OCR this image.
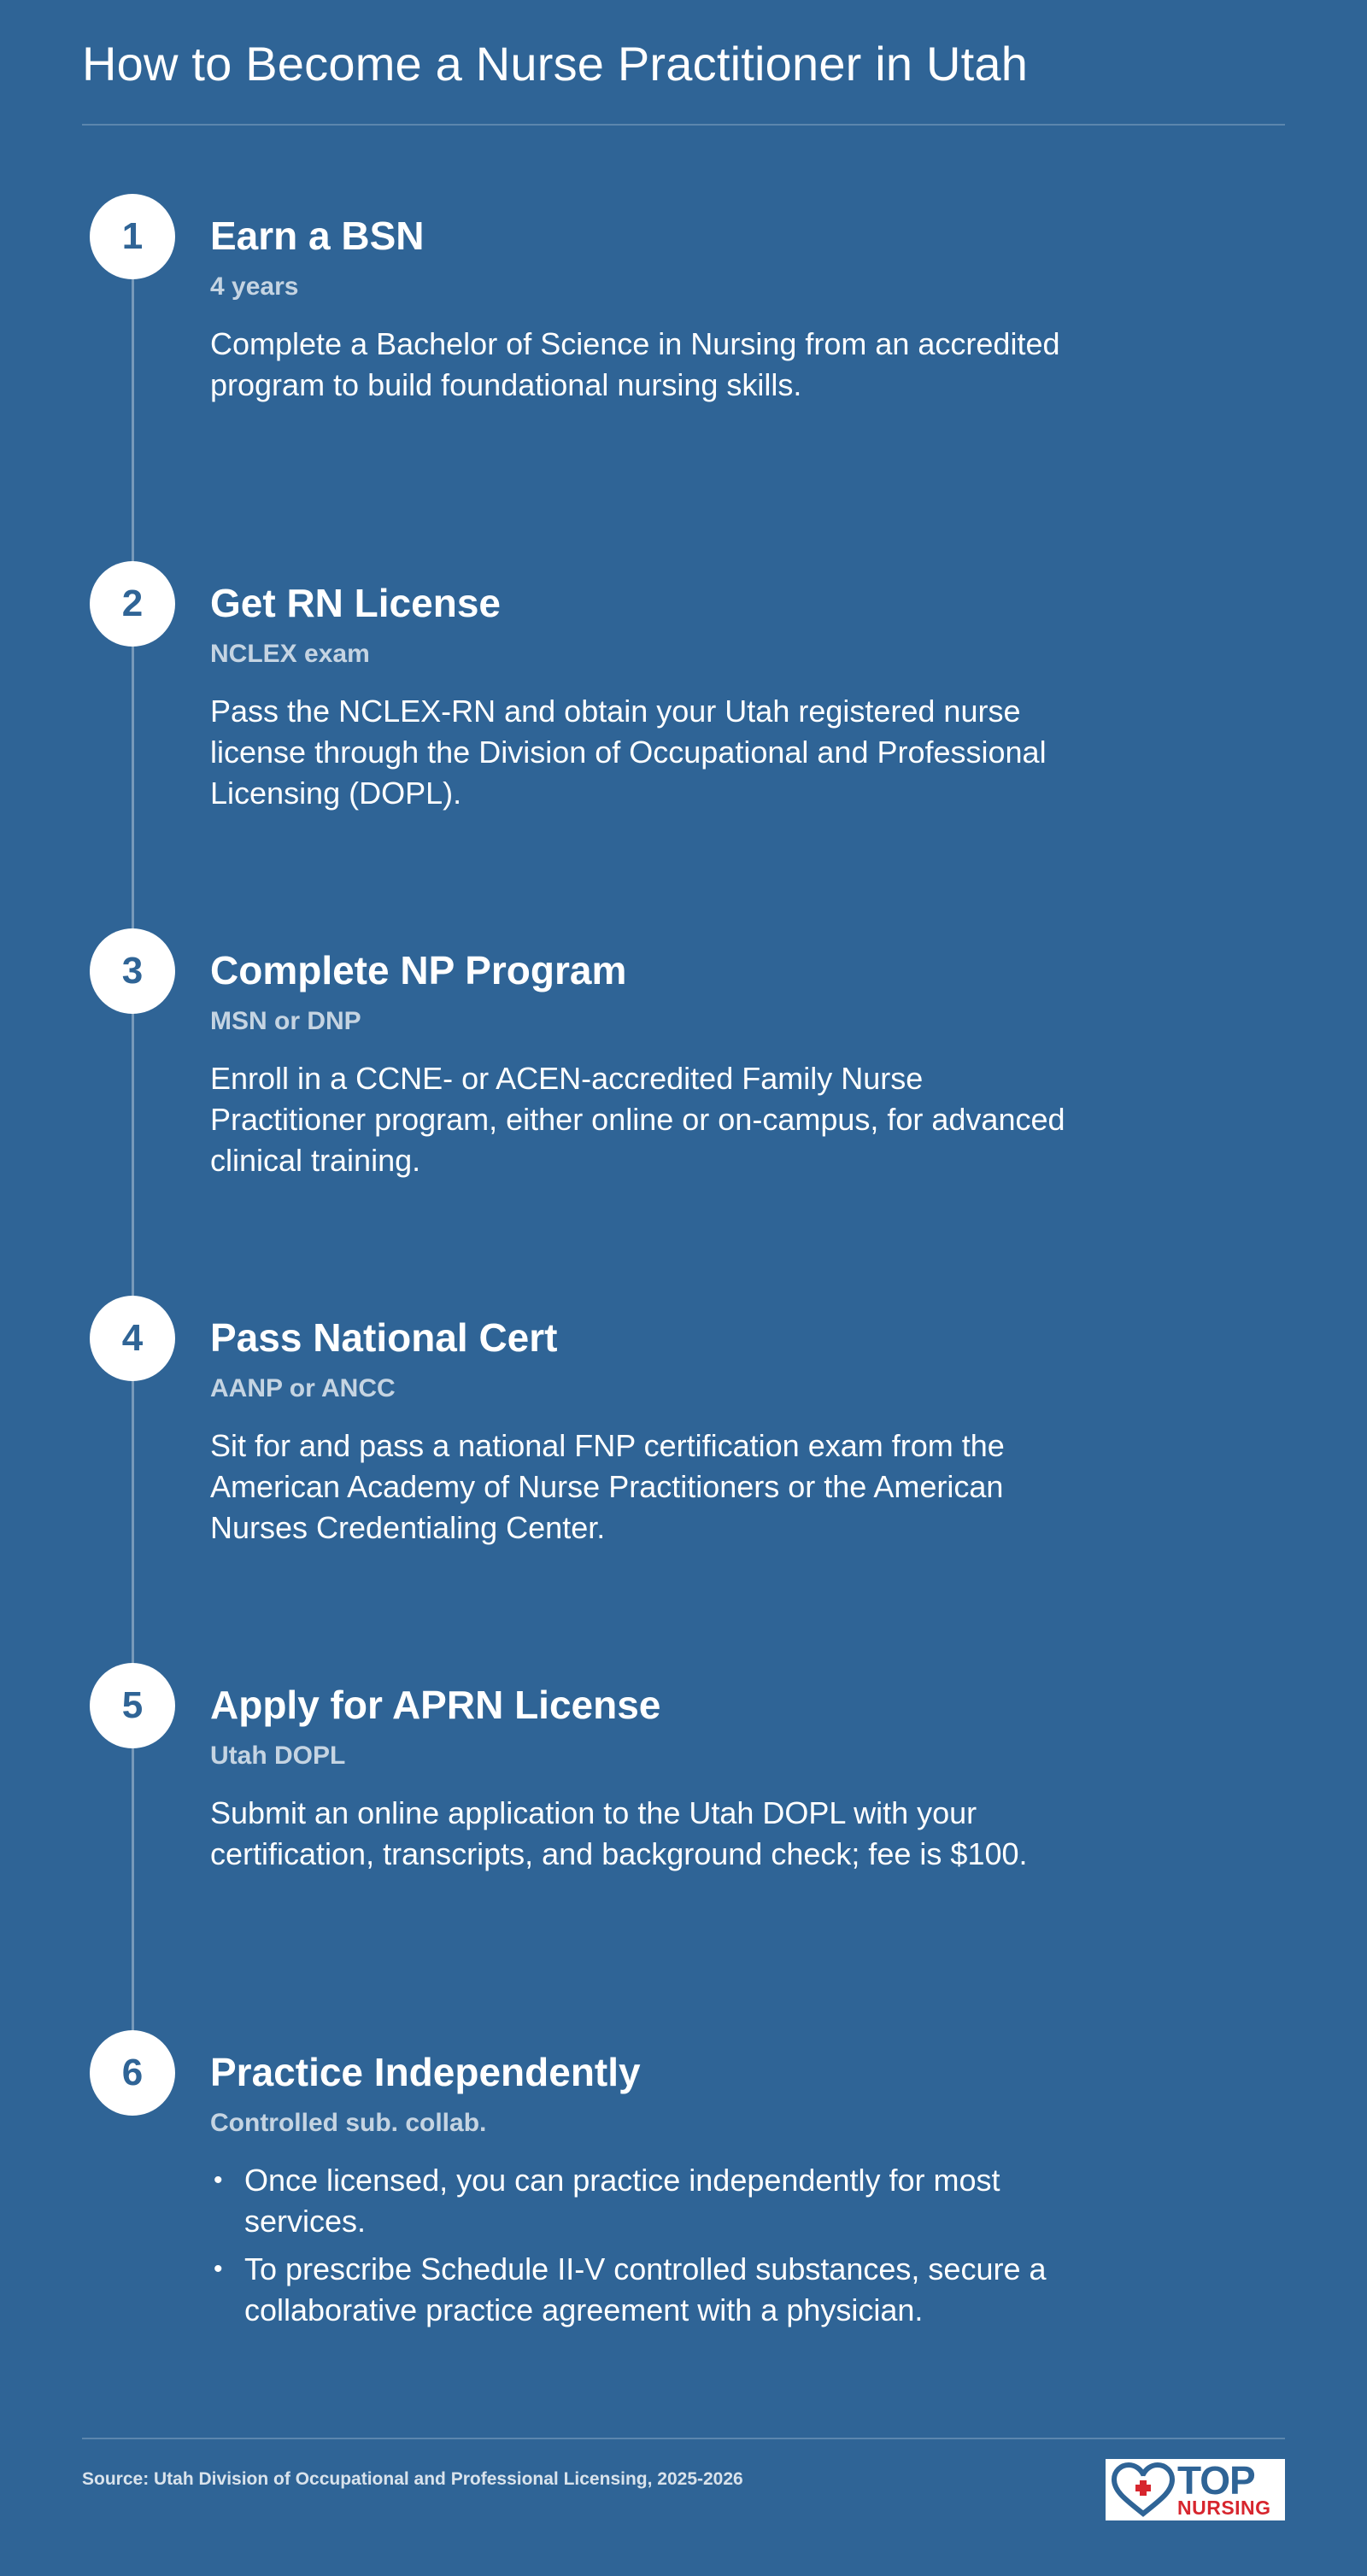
How to Become a Nurse Practitioner in Utah
1	Earn a BSN
4 years
Complete a Bachelor of Science in Nursing from an accredited program to build foundational nursing skills.
2	Get RN License
NCLEX exam
Pass the NCLEX-RN and obtain your Utah registered nurse license through the Division of Occupational and Professional Licensing (DOPL).
3	Complete NP Program
MSN or DNP
Enroll in a CCNE- or ACEN-accredited Family Nurse Practitioner program, either online or on-campus, for advanced clinical training.
4	Pass National Cert
AANP or ANCC
Sit for and pass a national FNP certification exam from the American Academy of Nurse Practitioners or the American Nurses Credentialing Center.
5	Apply for APRN License
Utah DOPL
Submit an online application to the Utah DOPL with your certification, transcripts, and background check; fee is $100.
6	Practice Independently
Controlled sub. collab.
• Once licensed, you can practice independently for most services.
• To prescribe Schedule II-V controlled substances, secure a collaborative practice agreement with a physician.
Source: Utah Division of Occupational and Professional Licensing, 2025-2026	TOP
NURSING
